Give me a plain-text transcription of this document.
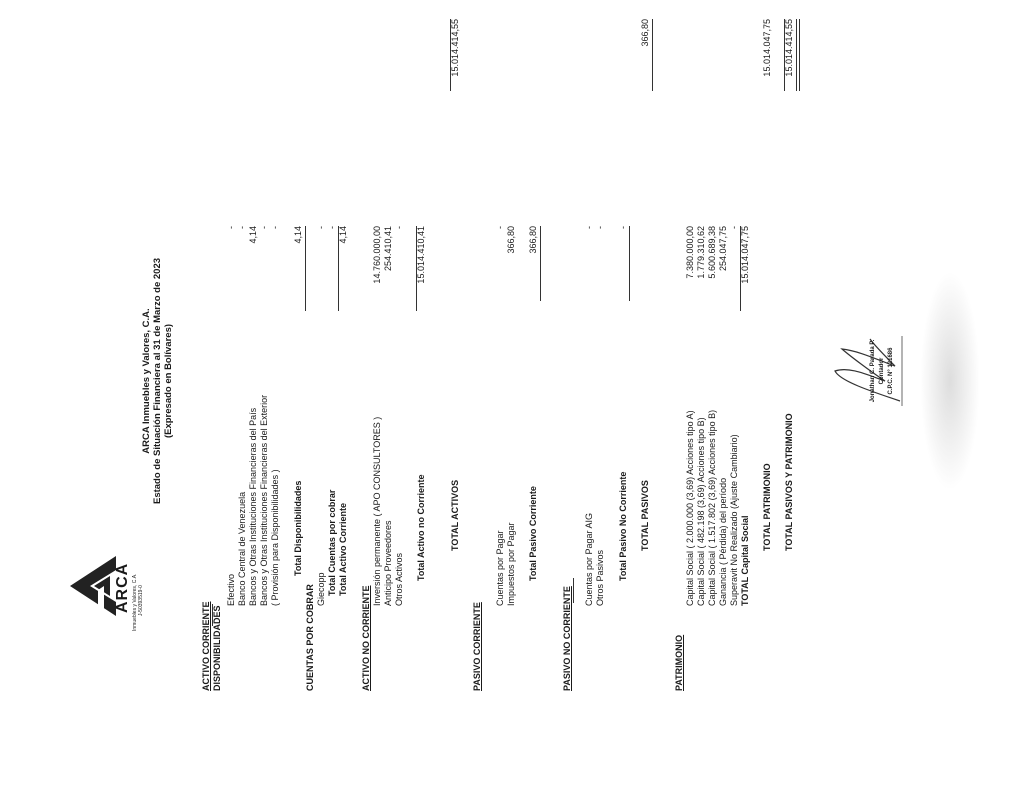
ARCA Inmuebles y Valores, C.A. J-50393519-0
ARCA Inmuebles y Valores, C.A. Estado de Situación Financiera al 31 de Marzo de 2023 (Expresado en Bolívares)
ACTIVO CORRIENTE DISPONIBILIDADES
Efectivo
-
Banco Central de Venezuela
-
Bancos y Otras Instituciones Financieras del País
4,14
Bancos y Otras Instituciones Financieras del Exterior
-
( Provisión para Disponibilidades )
-
Total Disponibilidades
4,14
CUENTAS POR COBRAR Giecopp
-
Total Cuentas por cobrar
-
Total Activo Corriente
4,14
ACTIVO NO CORRIENTE
Inversión permanente ( APO CONSULTORES )
14.760.000,00
Anticipo Proveedores
254.410,41
Otros Activos
-
Total Activo no Corriente
15.014.410,41
TOTAL ACTIVOS
15.014.414,55
PASIVO CORRIENTE
Cuentas por Pagar
-
Impuestos por Pagar
366,80
Total Pasivo Corriente
366,80
PASIVO NO CORRIENTE
Cuentas por Pagar AIG
-
Otros Pasivos
-
Total Pasivo No Corriente
-
TOTAL PASIVOS
366,80
PATRIMONIO
Capital Social ( 2.000.000 (3,69) Acciones tipo A)
7.380.000,00
Capital Social ( 482.198 (3,69) Acciones tipo B)
1.779.310,62
Capital Social ( 1.517.802 (3,69) Acciones tipo B)
5.600.689,38
Ganancia ( Pérdida) del período
254.047,75
Superavit No Realizado (Ajuste Cambiario)
-
TOTAL Capital Social
15.014.047,75
TOTAL PATRIMONIO
15.014.047,75
TOTAL PASIVOS Y PATRIMONIO
15.014.414,55
Jonathan C. Parada P. Contador C.P.C. N° 121686
